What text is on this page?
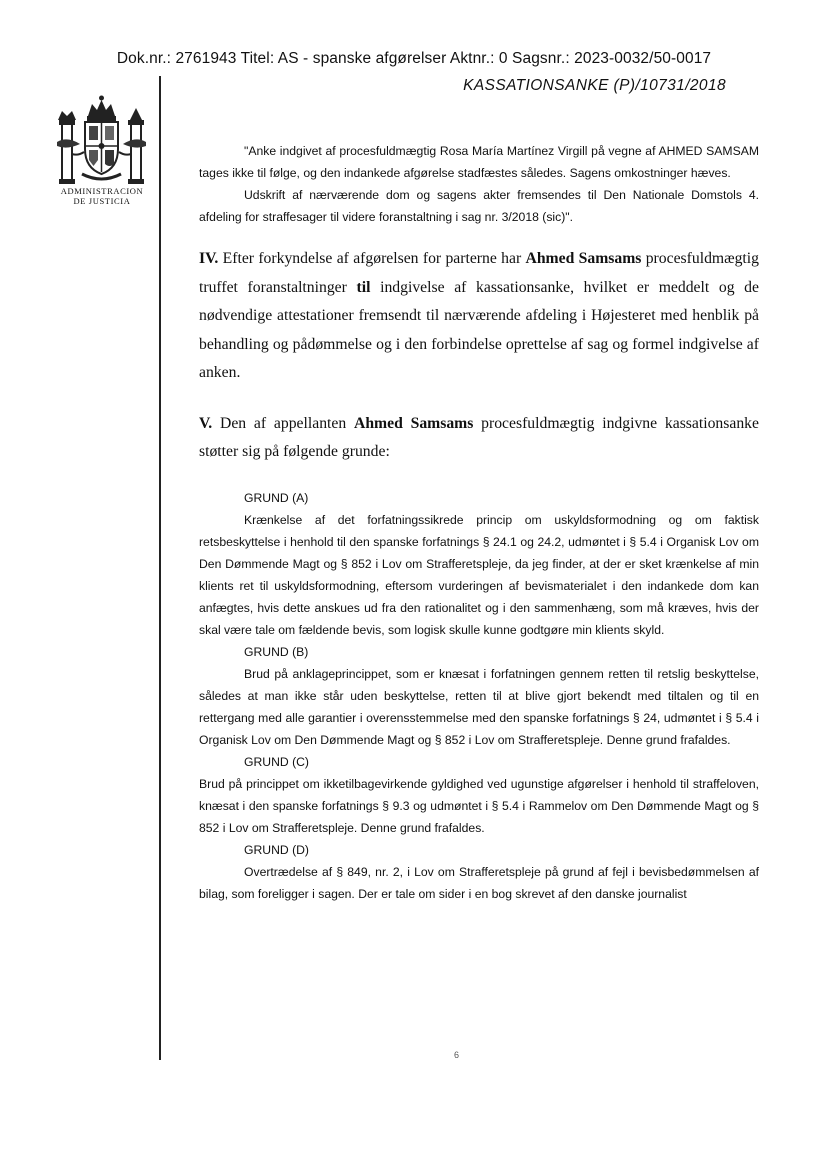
Dok.nr.: 2761943 Titel: AS - spanske afgørelser Aktnr.: 0 Sagsnr.: 2023-0032/50-0017
KASSATIONSANKE (P)/10731/2018
ADMINISTRACION
DE JUSTICIA

"Anke indgivet af procesfuldmægtig Rosa María Martínez Virgill på vegne af AHMED SAMSAM tages ikke til følge, og den indankede afgørelse stadfæstes således. Sagens omkostninger hæves.

Udskrift af nærværende dom og sagens akter fremsendes til Den Nationale Domstols 4. afdeling for straffesager til videre foranstaltning i sag nr. 3/2018 (sic)".

IV. Efter forkyndelse af afgørelsen for parterne har Ahmed Samsams procesfuldmægtig truffet foranstaltninger til indgivelse af kassationsanke, hvilket er meddelt og de nødvendige attestationer fremsendt til nærværende afdeling i Højesteret med henblik på behandling og pådømmelse og i den forbindelse oprettelse af sag og formel indgivelse af anken.

V. Den af appellanten Ahmed Samsams procesfuldmægtig indgivne kassationsanke støtter sig på følgende grunde:

GRUND (A)

Krænkelse af det forfatningssikrede princip om uskyldsformodning og om faktisk retsbeskyttelse i henhold til den spanske forfatnings § 24.1 og 24.2, udmøntet i § 5.4 i Organisk Lov om Den Dømmende Magt og § 852 i Lov om Strafferetspleje, da jeg finder, at der er sket krænkelse af min klients ret til uskyldsformodning, eftersom vurderingen af bevismaterialet i den indankede dom kan anfægtes, hvis dette anskues ud fra den rationalitet og i den sammenhæng, som må kræves, hvis der skal være tale om fældende bevis, som logisk skulle kunne godtgøre min klients skyld.

GRUND (B)

Brud på anklageprincippet, som er knæsat i forfatningen gennem retten til retslig beskyttelse, således at man ikke står uden beskyttelse, retten til at blive gjort bekendt med tiltalen og til en rettergang med alle garantier i overensstemmelse med den spanske forfatnings § 24, udmøntet i § 5.4 i Organisk Lov om Den Dømmende Magt og § 852 i Lov om Strafferetspleje. Denne grund frafaldes.

GRUND (C)

Brud på princippet om ikketilbagevirkende gyldighed ved ugunstige afgørelser i henhold til straffeloven, knæsat i den spanske forfatnings § 9.3 og udmøntet i § 5.4 i Rammelov om Den Dømmende Magt og § 852 i Lov om Strafferetspleje. Denne grund frafaldes.

GRUND (D)

Overtrædelse af § 849, nr. 2, i Lov om Strafferetspleje på grund af fejl i bevisbedømmelsen af bilag, som foreligger i sagen. Der er tale om sider i en bog skrevet af den danske journalist

6
